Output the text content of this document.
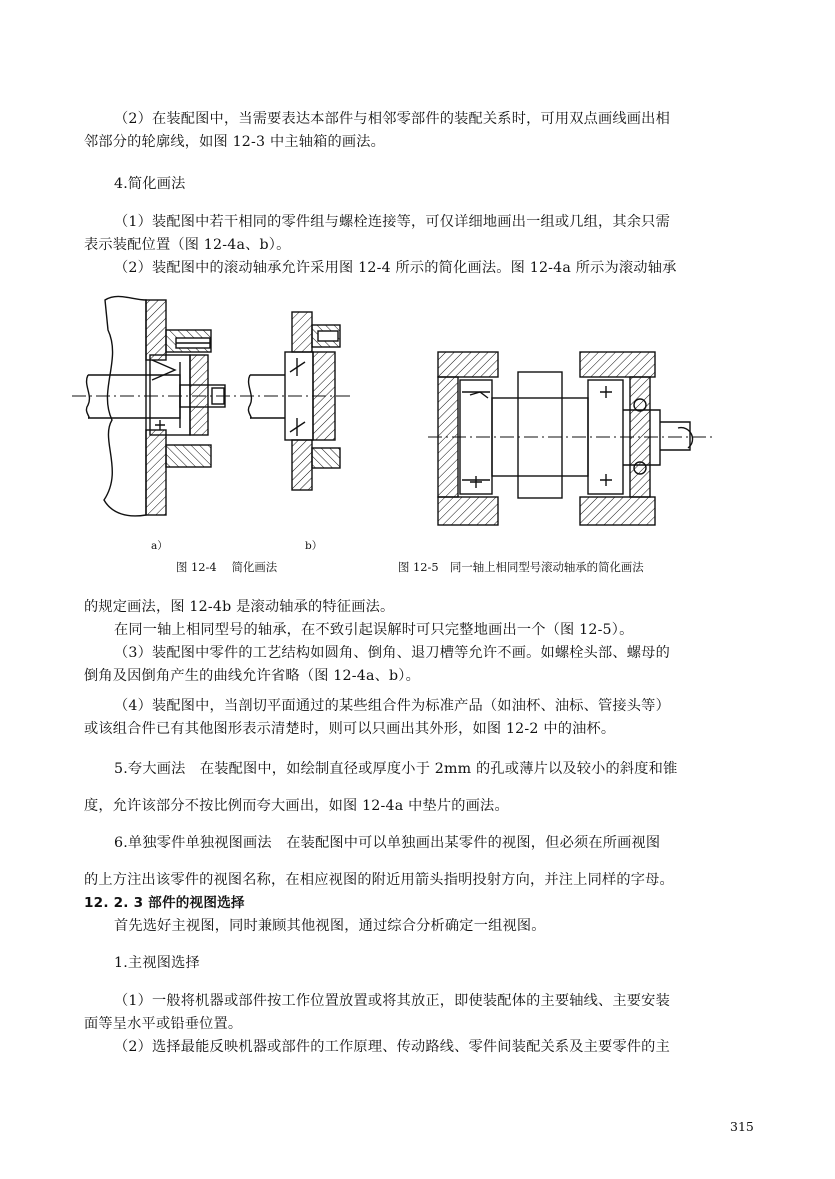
（2）在装配图中，当需要表达本部件与相邻零部件的装配关系时，可用双点画线画出相
邻部分的轮廓线，如图 12-3 中主轴箱的画法。
4.简化画法
（1）装配图中若干相同的零件组与螺栓连接等，可仅详细地画出一组或几组，其余只需
表示装配位置（图 12-4a、b）。
（2）装配图中的滚动轴承允许采用图 12-4 所示的简化画法。图 12-4a 所示为滚动轴承
a）	b）
图 12-4　 简化画法	图 12-5　同一轴上相同型号滚动轴承的简化画法
的规定画法，图 12-4b 是滚动轴承的特征画法。
在同一轴上相同型号的轴承，在不致引起误解时可只完整地画出一个（图 12-5）。
（3）装配图中零件的工艺结构如圆角、倒角、退刀槽等允许不画。如螺栓头部、螺母的
倒角及因倒角产生的曲线允许省略（图 12-4a、b）。
（4）装配图中，当剖切平面通过的某些组合件为标准产品（如油杯、油标、管接头等）
或该组合件已有其他图形表示清楚时，则可以只画出其外形，如图 12-2 中的油杯。
5.夸大画法　在装配图中，如绘制直径或厚度小于 2mm 的孔或薄片以及较小的斜度和锥
度，允许该部分不按比例而夸大画出，如图 12-4a 中垫片的画法。
6.单独零件单独视图画法　在装配图中可以单独画出某零件的视图，但必须在所画视图
的上方注出该零件的视图名称，在相应视图的附近用箭头指明投射方向，并注上同样的字母。
12. 2. 3 部件的视图选择
首先选好主视图，同时兼顾其他视图，通过综合分析确定一组视图。
1.主视图选择
（1）一般将机器或部件按工作位置放置或将其放正，即使装配体的主要轴线、主要安装
面等呈水平或铅垂位置。
（2）选择最能反映机器或部件的工作原理、传动路线、零件间装配关系及主要零件的主
315
